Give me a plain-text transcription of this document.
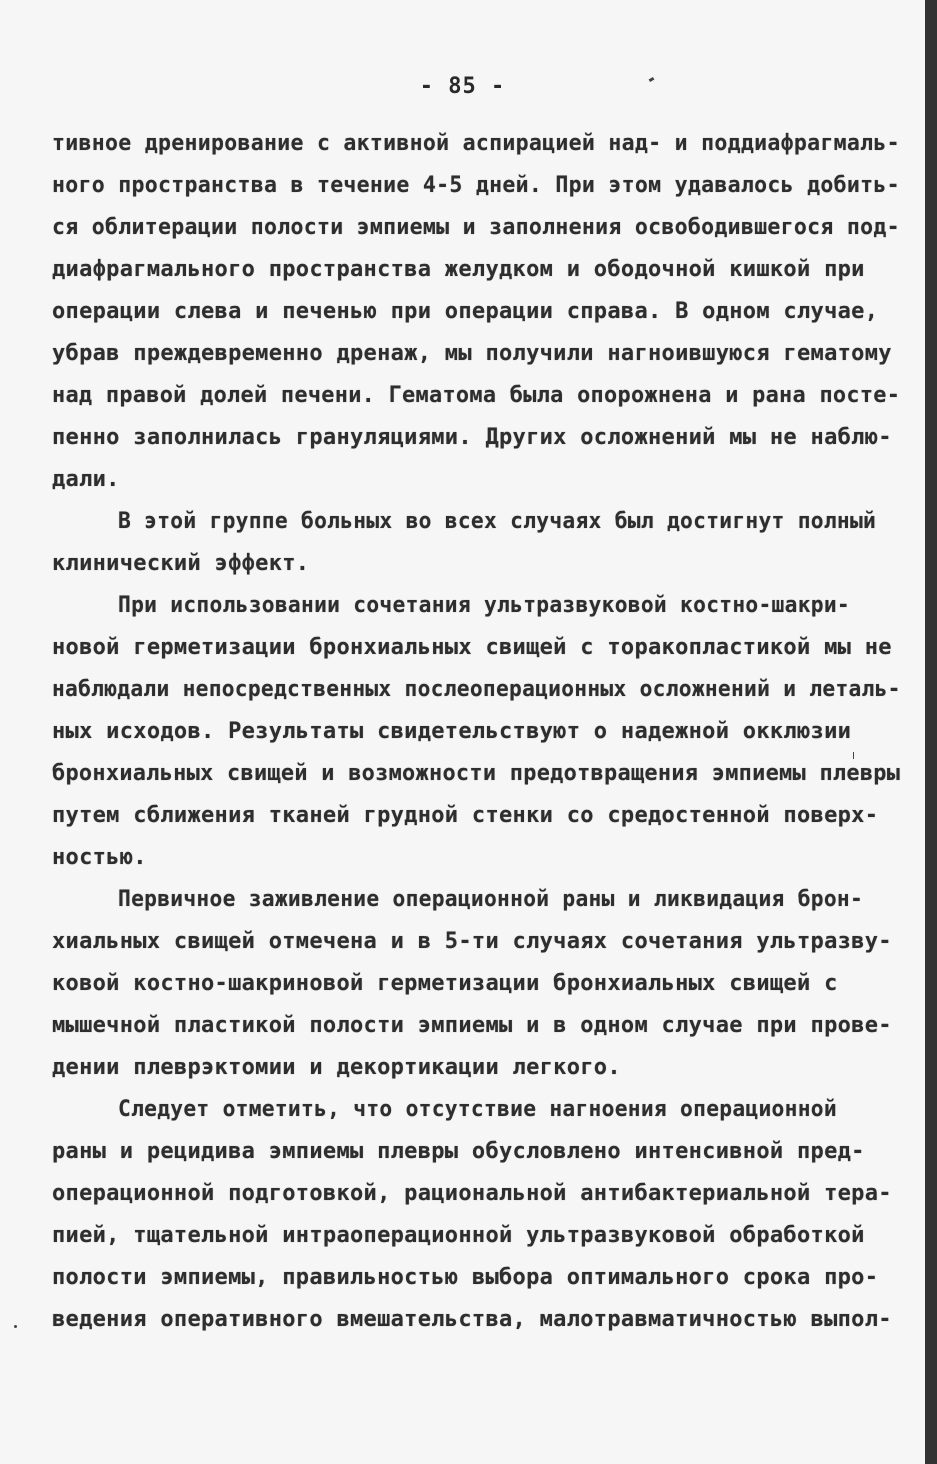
- 85 -
тивное дренирование с активной аспирацией над- и поддиафрагмаль-
ного пространства в течение 4-5 дней. При этом удавалось добить-
ся облитерации полости эмпиемы и заполнения освободившегося под-
диафрагмального пространства желудком и ободочной кишкой при
операции слева и печенью при операции справа. В одном случае,
убрав преждевременно дренаж, мы получили нагноившуюся гематому
над правой долей печени. Гематома была опорожнена и рана посте-
пенно заполнилась грануляциями. Других осложнений мы не наблю-
дали.
В этой группе больных во всех случаях был достигнут полный
клинический эффект.
При использовании сочетания ультразвуковой костно-шакри-
новой герметизации бронхиальных свищей с торакопластикой мы не
наблюдали непосредственных послеоперационных осложнений и леталь-
ных исходов. Результаты свидетельствуют о надежной окклюзии
бронхиальных свищей и возможности предотвращения эмпиемы плевры
путем сближения тканей грудной стенки со средостенной поверх-
ностью.
Первичное заживление операционной раны и ликвидация брон-
хиальных свищей отмечена и в 5-ти случаях сочетания ультразву-
ковой костно-шакриновой герметизации бронхиальных свищей с
мышечной пластикой полости эмпиемы и в одном случае при прове-
дении плеврэктомии и декортикации легкого.
Следует отметить, что отсутствие нагноения операционной
раны и рецидива эмпиемы плевры обусловлено интенсивной пред-
операционной подготовкой, рациональной антибактериальной тера-
пией, тщательной интраоперационной ультразвуковой обработкой
полости эмпиемы, правильностью выбора оптимального срока про-
ведения оперативного вмешательства, малотравматичностью выпол-
